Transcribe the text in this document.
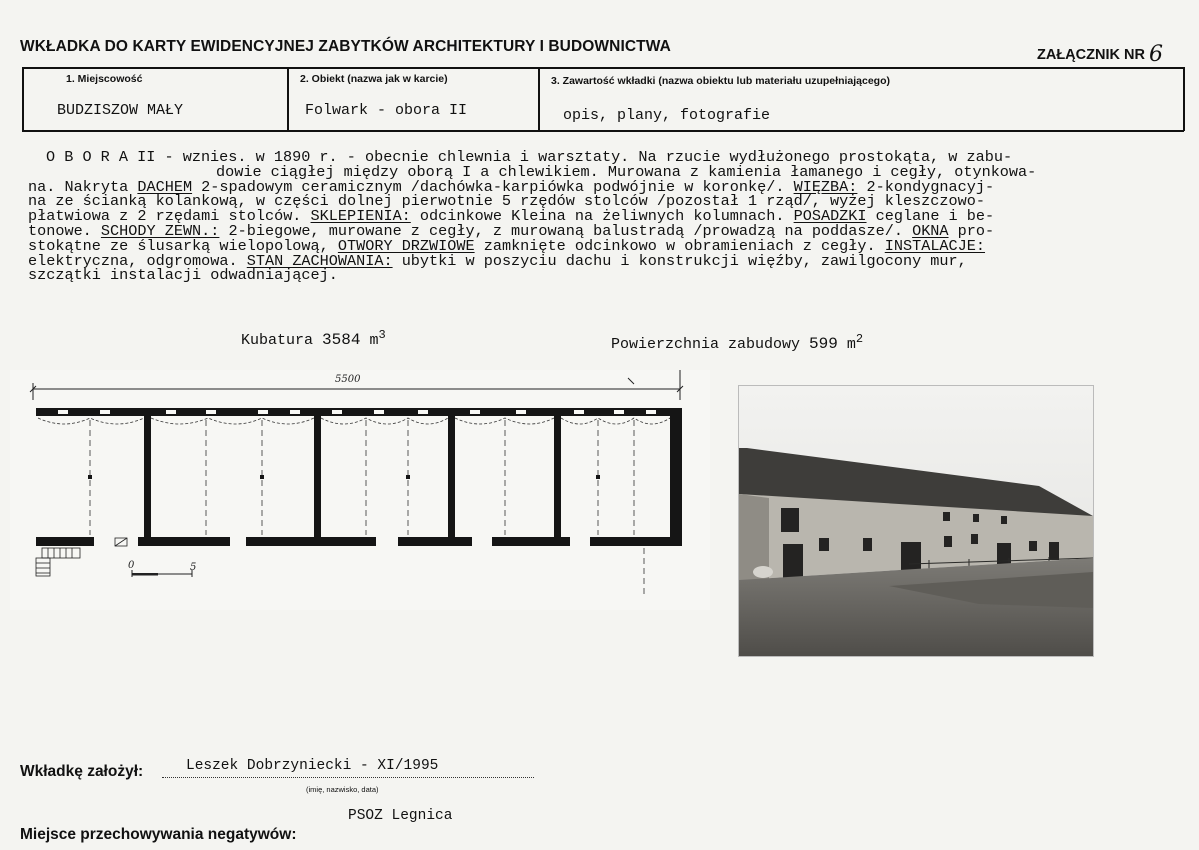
WKŁADKA DO KARTY EWIDENCYJNEJ ZABYTKÓW ARCHITEKTURY I BUDOWNICTWA	ZAŁĄCZNIK NR 6
1. Miejscowość	2. Obiekt (nazwa jak w karcie)	3. Zawartość wkładki (nazwa obiektu lub materiału uzupełniającego)
BUDZISZOW MAŁY	Folwark - obora II	opis, plany, fotografie
O B O R A II - wznies. w 1890 r. - obecnie chlewnia i warsztaty. Na rzucie wydłużonego prostokąta, w zabu-
dowie ciągłej między oborą I a chlewikiem. Murowana z kamienia łamanego i cegły, otynkowa-
na. Nakryta DACHEM 2-spadowym ceramicznym /dachówka-karpiówka podwójnie w koronkę/. WIĘZBA: 2-kondygnacyj-
na ze ścianką kolankową, w części dolnej pierwotnie 5 rzędów stolców /pozostał 1 rząd/, wyżej kleszczowo-
płatwiowa z 2 rzędami stolców. SKLEPIENIA: odcinkowe Kleina na żeliwnych kolumnach. POSADZKI ceglane i be-
tonowe. SCHODY ZEWN.: 2-biegowe, murowane z cegły, z murowaną balustradą /prowadzą na poddasze/. OKNA pro-
stokątne ze ślusarką wielopolową, OTWORY DRZWIOWE zamknięte odcinkowo w obramieniach z cegły. INSTALACJE:
elektryczna, odgromowa. STAN ZACHOWANIA: ubytki w poszyciu dachu i konstrukcji więźby, zawilgocony mur,
szczątki instalacji odwadniającej.
Kubatura 3584 $m^3$
Powierzchnia zabudowy 599 $m^2$
5500
0	5
Wkładkę założył:	Leszek Dobrzyniecki - XI/1995
(imię, nazwisko, data)
Miejsce przechowywania negatywów:
PSOZ Legnica
